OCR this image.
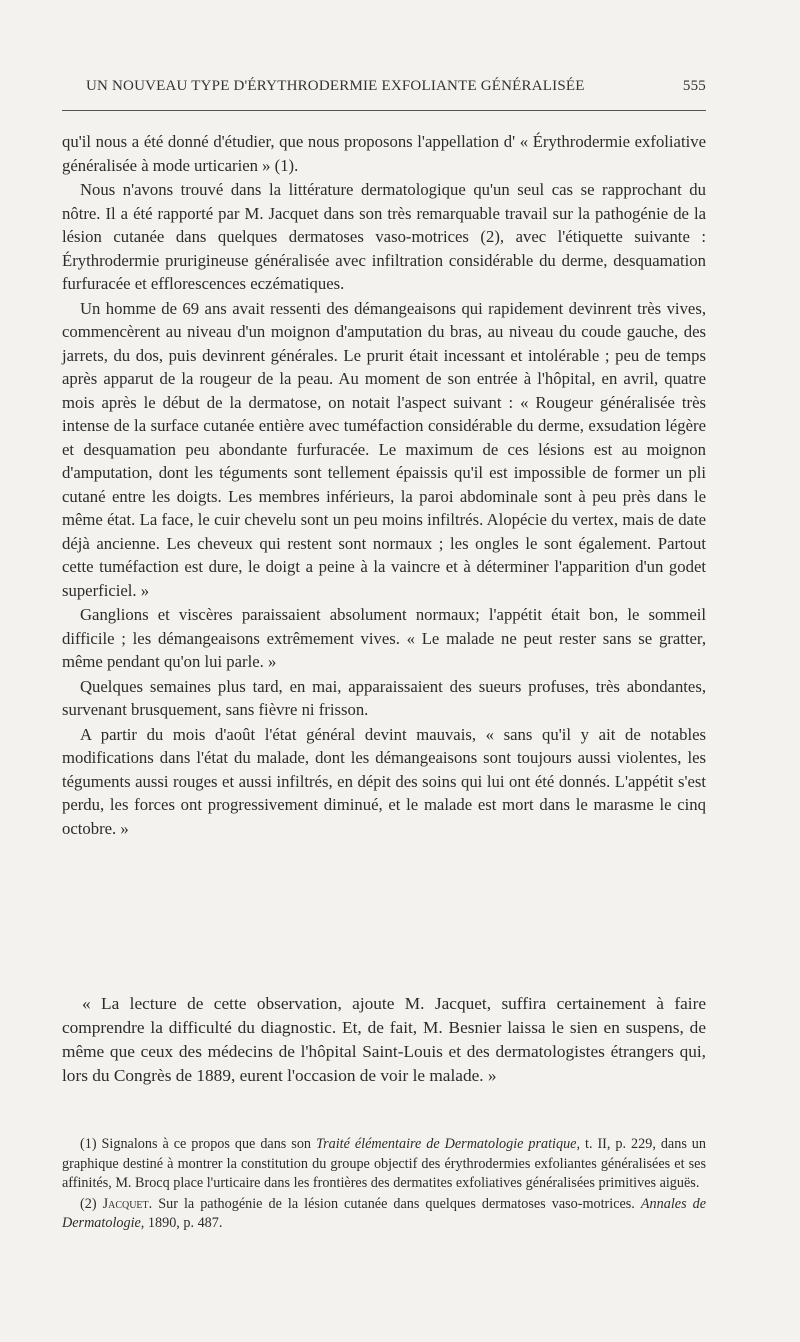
UN NOUVEAU TYPE D'ÉRYTHRODERMIE EXFOLIANTE GÉNÉRALISÉE	555

qu'il nous a été donné d'étudier, que nous proposons l'appellation d' « Érythrodermie exfoliative généralisée à mode urticarien » (1).

Nous n'avons trouvé dans la littérature dermatologique qu'un seul cas se rapprochant du nôtre. Il a été rapporté par M. Jacquet dans son très remarquable travail sur la pathogénie de la lésion cutanée dans quelques dermatoses vaso-motrices (2), avec l'étiquette suivante : Érythrodermie prurigineuse généralisée avec infiltration considérable du derme, desquamation furfuracée et efflorescences eczématiques.

Un homme de 69 ans avait ressenti des démangeaisons qui rapidement devinrent très vives, commencèrent au niveau d'un moignon d'amputation du bras, au niveau du coude gauche, des jarrets, du dos, puis devinrent générales. Le prurit était incessant et intolérable ; peu de temps après apparut de la rougeur de la peau. Au moment de son entrée à l'hôpital, en avril, quatre mois après le début de la dermatose, on notait l'aspect suivant : « Rougeur généralisée très intense de la surface cutanée entière avec tuméfaction considérable du derme, exsudation légère et desquamation peu abondante furfuracée. Le maximum de ces lésions est au moignon d'amputation, dont les téguments sont tellement épaissis qu'il est impossible de former un pli cutané entre les doigts. Les membres inférieurs, la paroi abdominale sont à peu près dans le même état. La face, le cuir chevelu sont un peu moins infiltrés. Alopécie du vertex, mais de date déjà ancienne. Les cheveux qui restent sont normaux ; les ongles le sont également. Partout cette tuméfaction est dure, le doigt a peine à la vaincre et à déterminer l'apparition d'un godet superficiel. »

Ganglions et viscères paraissaient absolument normaux; l'appétit était bon, le sommeil difficile ; les démangeaisons extrêmement vives. « Le malade ne peut rester sans se gratter, même pendant qu'on lui parle. »

Quelques semaines plus tard, en mai, apparaissaient des sueurs profuses, très abondantes, survenant brusquement, sans fièvre ni frisson.

A partir du mois d'août l'état général devint mauvais, « sans qu'il y ait de notables modifications dans l'état du malade, dont les démangeaisons sont toujours aussi violentes, les téguments aussi rouges et aussi infiltrés, en dépit des soins qui lui ont été donnés. L'appétit s'est perdu, les forces ont progressivement diminué, et le malade est mort dans le marasme le cinq octobre. »

« La lecture de cette observation, ajoute M. Jacquet, suffira certainement à faire comprendre la difficulté du diagnostic. Et, de fait, M. Besnier laissa le sien en suspens, de même que ceux des médecins de l'hôpital Saint-Louis et des dermatologistes étrangers qui, lors du Congrès de 1889, eurent l'occasion de voir le malade. »

(1) Signalons à ce propos que dans son Traité élémentaire de Dermatologie pratique, t. II, p. 229, dans un graphique destiné à montrer la constitution du groupe objectif des érythrodermies exfoliantes généralisées et ses affinités, M. Brocq place l'urticaire dans les frontières des dermatites exfoliatives généralisées primitives aiguës.

(2) Jacquet. Sur la pathogénie de la lésion cutanée dans quelques dermatoses vaso-motrices. Annales de Dermatologie, 1890, p. 487.
